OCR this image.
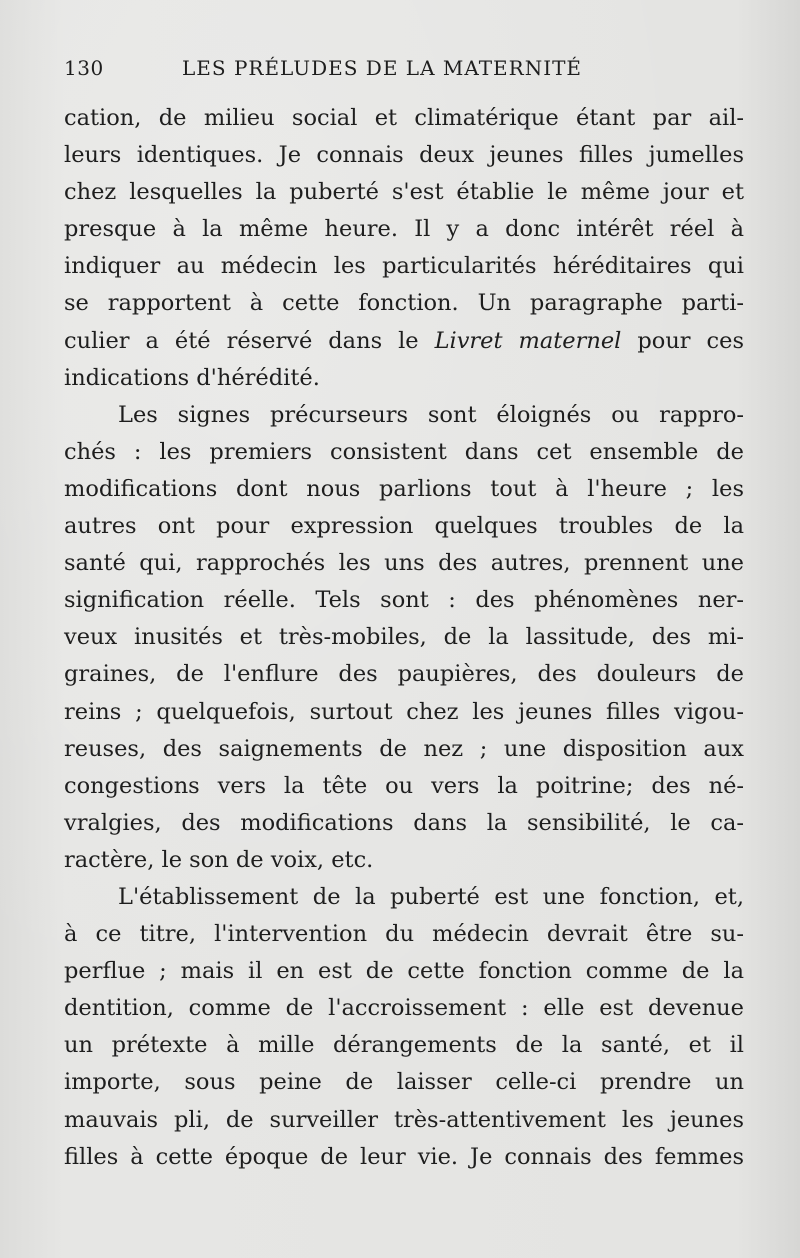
130	LES PRÉLUDES DE LA MATERNITÉ
cation, de milieu social et climatérique étant par ail-
leurs identiques. Je connais deux jeunes filles jumelles
chez lesquelles la puberté s'est établie le même jour et
presque à la même heure. Il y a donc intérêt réel à
indiquer au médecin les particularités héréditaires qui
se rapportent à cette fonction. Un paragraphe parti-
culier a été réservé dans le Livret maternel pour ces
indications d'hérédité.
Les signes précurseurs sont éloignés ou rappro-
chés : les premiers consistent dans cet ensemble de
modifications dont nous parlions tout à l'heure ; les
autres ont pour expression quelques troubles de la
santé qui, rapprochés les uns des autres, prennent une
signification réelle. Tels sont : des phénomènes ner-
veux inusités et très-mobiles, de la lassitude, des mi-
graines, de l'enflure des paupières, des douleurs de
reins ; quelquefois, surtout chez les jeunes filles vigou-
reuses, des saignements de nez ; une disposition aux
congestions vers la tête ou vers la poitrine; des né-
vralgies, des modifications dans la sensibilité, le ca-
ractère, le son de voix, etc.
L'établissement de la puberté est une fonction, et,
à ce titre, l'intervention du médecin devrait être su-
perflue ; mais il en est de cette fonction comme de la
dentition, comme de l'accroissement : elle est devenue
un prétexte à mille dérangements de la santé, et il
importe, sous peine de laisser celle-ci prendre un
mauvais pli, de surveiller très-attentivement les jeunes
filles à cette époque de leur vie. Je connais des femmes
